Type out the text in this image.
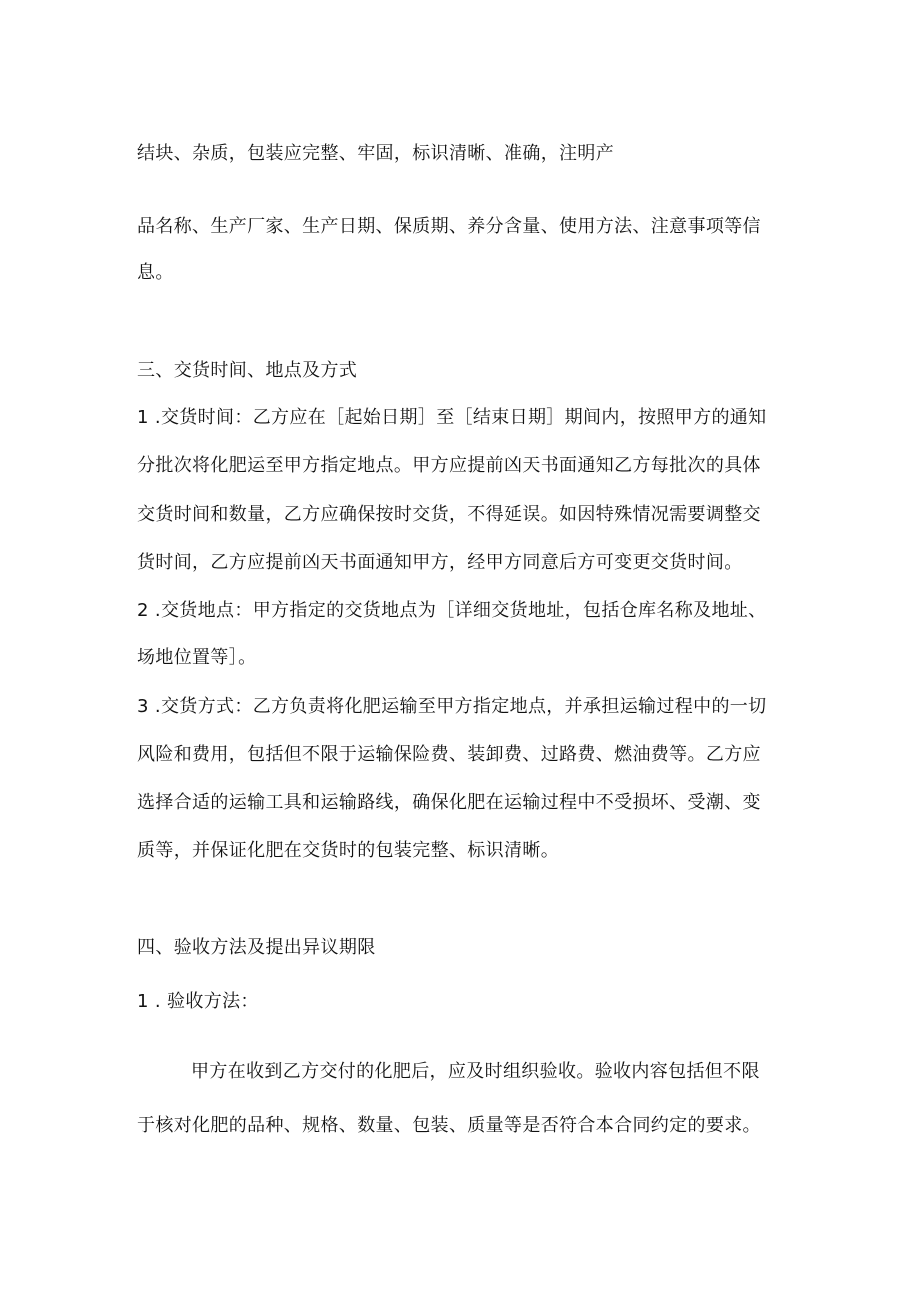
结块、杂质，包装应完整、牢固，标识清晰、准确，注明产

品名称、生产厂家、生产日期、保质期、养分含量、使用方法、注意事项等信

息。

三、交货时间、地点及方式

1 .交货时间：乙方应在［起始日期］至［结束日期］期间内，按照甲方的通知

分批次将化肥运至甲方指定地点。甲方应提前凶天书面通知乙方每批次的具体

交货时间和数量，乙方应确保按时交货，不得延误。如因特殊情况需要调整交

货时间，乙方应提前凶天书面通知甲方，经甲方同意后方可变更交货时间。

2 .交货地点：甲方指定的交货地点为［详细交货地址，包括仓库名称及地址、

场地位置等］。

3 .交货方式：乙方负责将化肥运输至甲方指定地点，并承担运输过程中的一切

风险和费用，包括但不限于运输保险费、装卸费、过路费、燃油费等。乙方应

选择合适的运输工具和运输路线，确保化肥在运输过程中不受损坏、受潮、变

质等，并保证化肥在交货时的包装完整、标识清晰。

四、验收方法及提出异议期限

1 . 验收方法：

甲方在收到乙方交付的化肥后，应及时组织验收。验收内容包括但不限

于核对化肥的品种、规格、数量、包装、质量等是否符合本合同约定的要求。
